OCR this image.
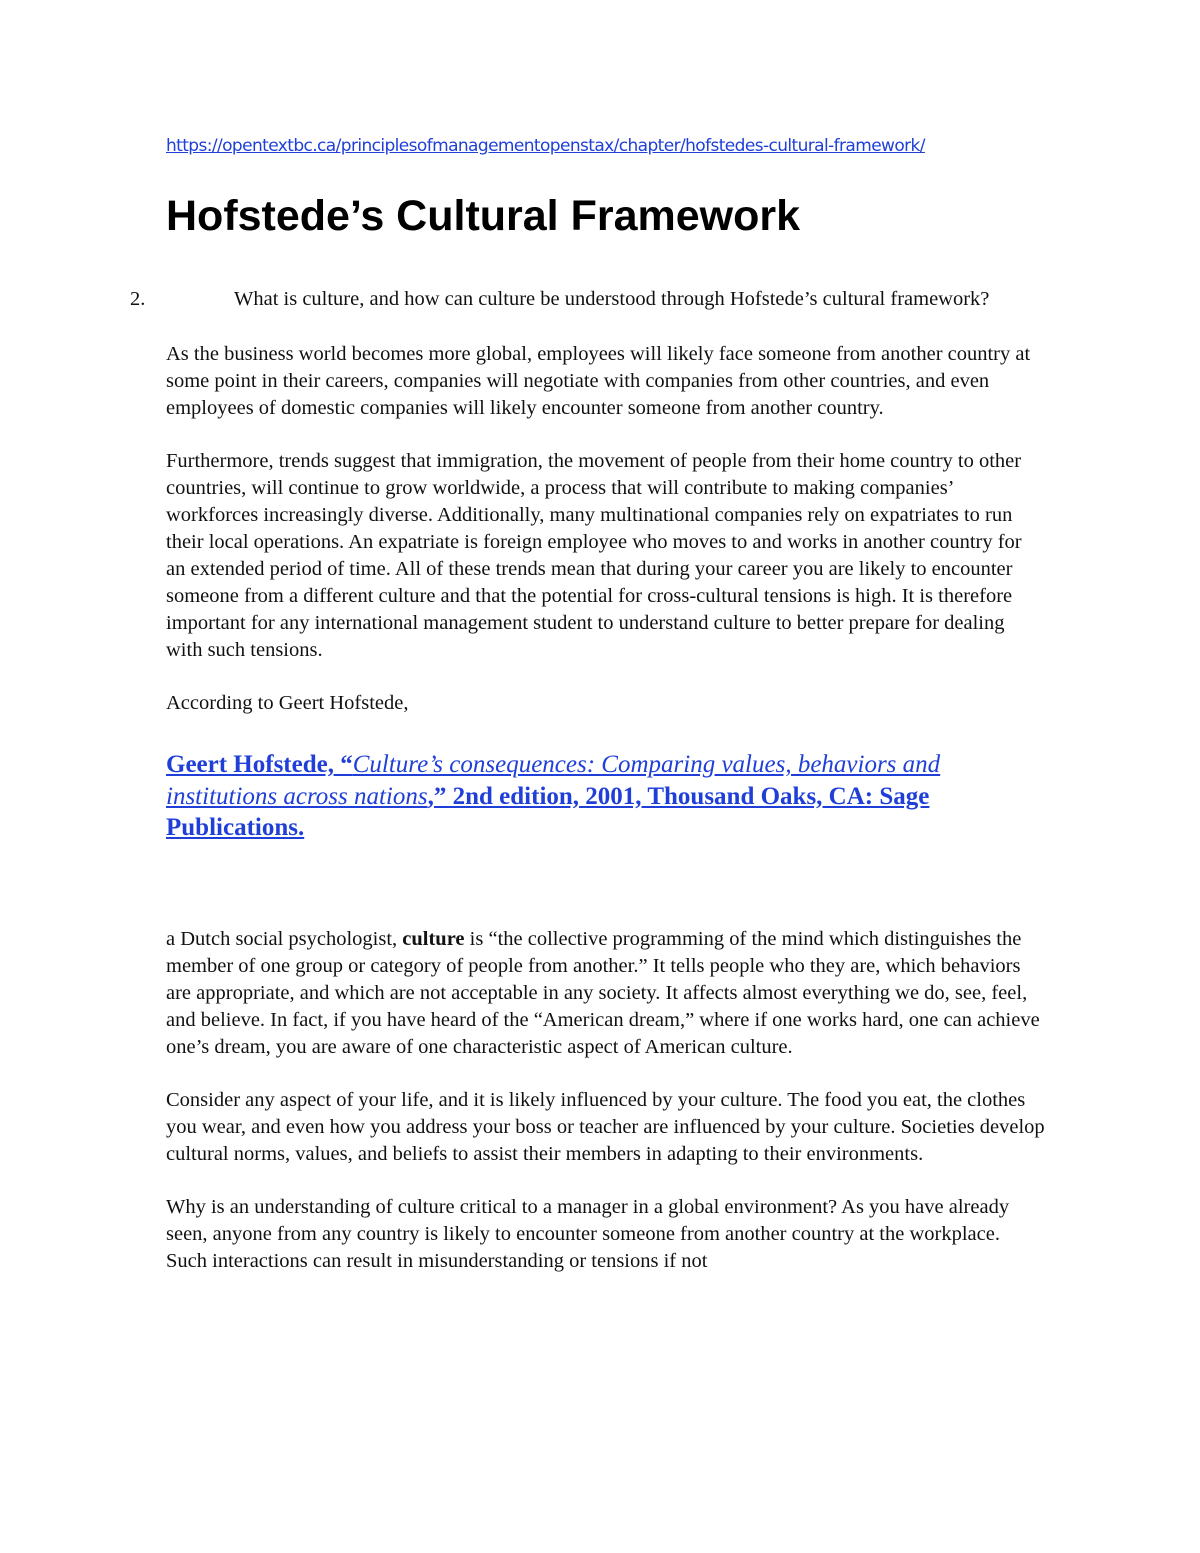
https://opentextbc.ca/principlesofmanagementopenstax/chapter/hofstedes-cultural-framework/
Hofstede’s Cultural Framework
2.	What is culture, and how can culture be understood through Hofstede’s cultural framework?

As the business world becomes more global, employees will likely face someone from another country at some point in their careers, companies will negotiate with companies from other countries, and even employees of domestic companies will likely encounter someone from another country.

Furthermore, trends suggest that immigration, the movement of people from their home country to other countries, will continue to grow worldwide, a process that will contribute to making companies’ workforces increasingly diverse. Additionally, many multinational companies rely on expatriates to run their local operations. An expatriate is foreign employee who moves to and works in another country for an extended period of time. All of these trends mean that during your career you are likely to encounter someone from a different culture and that the potential for cross-cultural tensions is high. It is therefore important for any international management student to understand culture to better prepare for dealing with such tensions.

According to Geert Hofstede,

Geert Hofstede, “Culture’s consequences: Comparing values, behaviors and institutions across nations,” 2nd edition, 2001, Thousand Oaks, CA: Sage Publications.

a Dutch social psychologist, culture is “the collective programming of the mind which distinguishes the member of one group or category of people from another.” It tells people who they are, which behaviors are appropriate, and which are not acceptable in any society. It affects almost everything we do, see, feel, and believe. In fact, if you have heard of the “American dream,” where if one works hard, one can achieve one’s dream, you are aware of one characteristic aspect of American culture.

Consider any aspect of your life, and it is likely influenced by your culture. The food you eat, the clothes you wear, and even how you address your boss or teacher are influenced by your culture. Societies develop cultural norms, values, and beliefs to assist their members in adapting to their environments.

Why is an understanding of culture critical to a manager in a global environment? As you have already seen, anyone from any country is likely to encounter someone from another country at the workplace. Such interactions can result in misunderstanding or tensions if not
